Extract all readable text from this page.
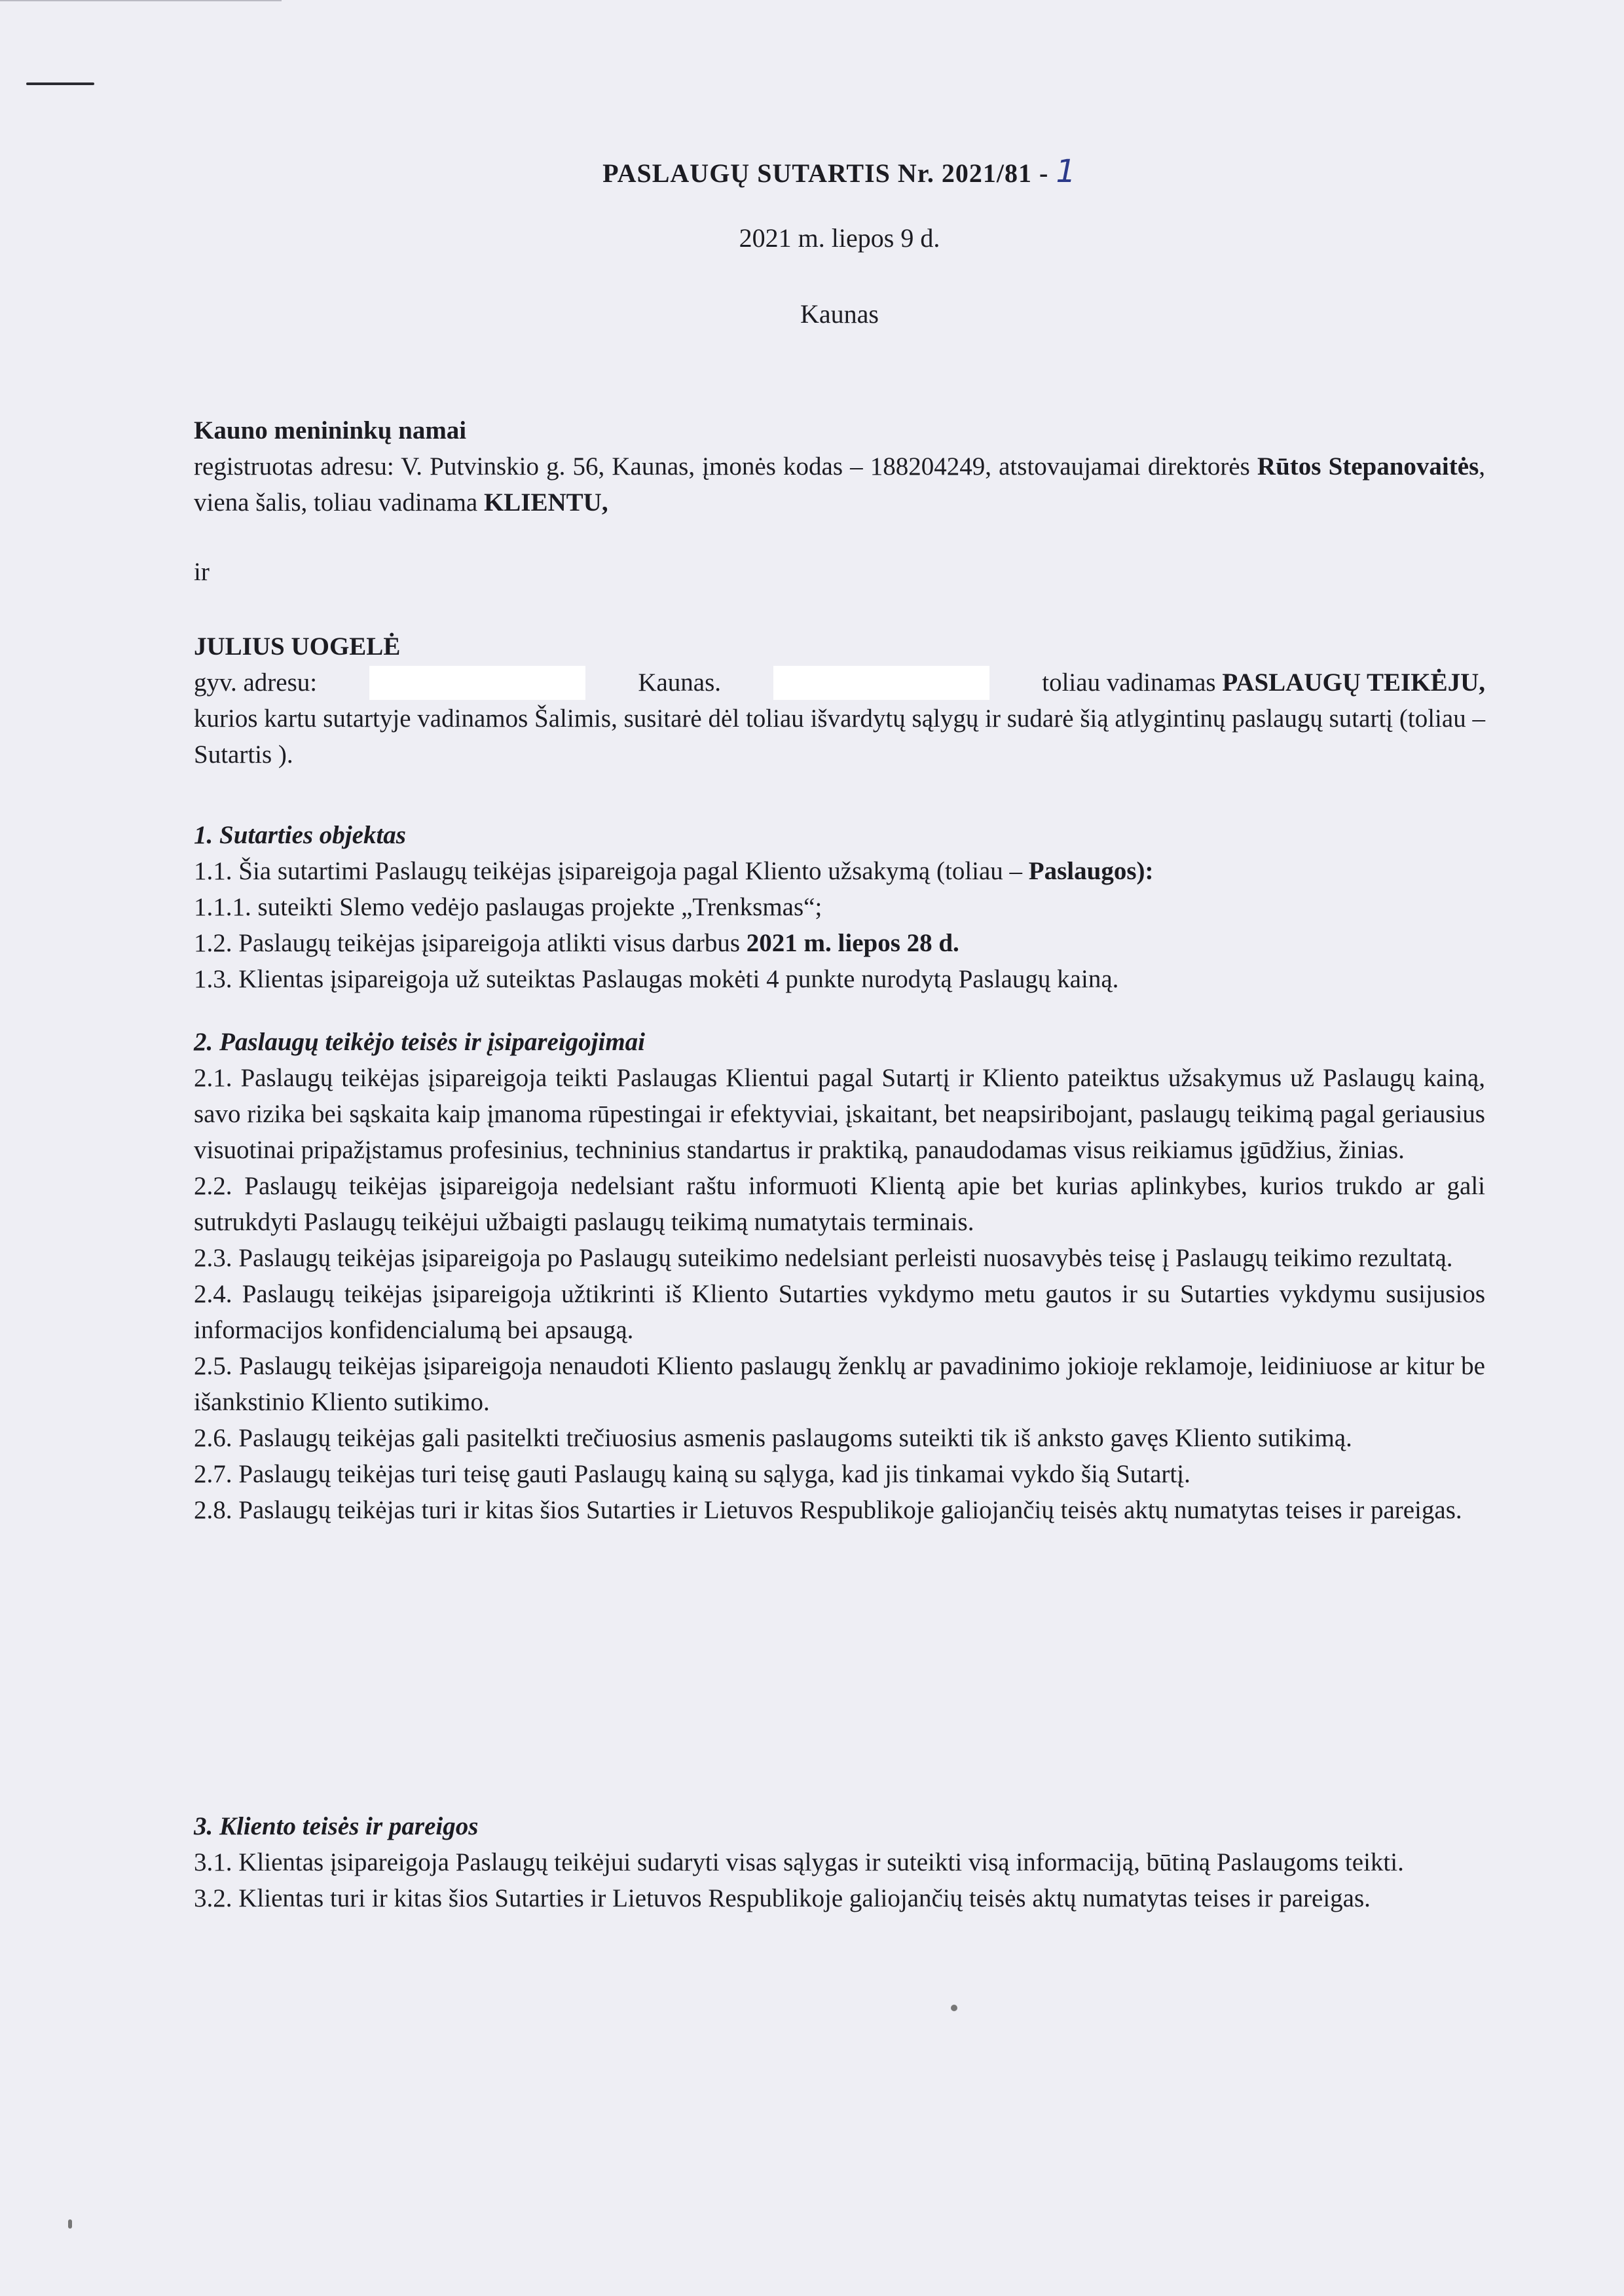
PASLAUGŲ SUTARTIS Nr. 2021/81 - 1
2021 m. liepos 9 d.
Kaunas

Kauno menininkų namai

registruotas adresu: V. Putvinskio g. 56, Kaunas, įmonės kodas – 188204249, atstovaujamai direktorės Rūtos Stepanovaitės, viena šalis, toliau vadinama KLIENTU,

ir

JULIUS UOGELĖ

gyv. adresu:	Kaunas.	toliau vadinamas PASLAUGŲ TEIKĖJU,

kurios kartu sutartyje vadinamos Šalimis, susitarė dėl toliau išvardytų sąlygų ir sudarė šią atlygintinų paslaugų sutartį (toliau – Sutartis ).

1. Sutarties objektas

1.1. Šia sutartimi Paslaugų teikėjas įsipareigoja pagal Kliento užsakymą (toliau – Paslaugos):

1.1.1. suteikti Slemo vedėjo paslaugas projekte „Trenksmas“;

1.2. Paslaugų teikėjas įsipareigoja atlikti visus darbus 2021 m. liepos 28 d.

1.3. Klientas įsipareigoja už suteiktas Paslaugas mokėti 4 punkte nurodytą Paslaugų kainą.

2. Paslaugų teikėjo teisės ir įsipareigojimai

2.1. Paslaugų teikėjas įsipareigoja teikti Paslaugas Klientui pagal Sutartį ir Kliento pateiktus užsakymus už Paslaugų kainą, savo rizika bei sąskaita kaip įmanoma rūpestingai ir efektyviai, įskaitant, bet neapsiribojant, paslaugų teikimą pagal geriausius visuotinai pripažįstamus profesinius, techninius standartus ir praktiką, panaudodamas visus reikiamus įgūdžius, žinias.

2.2. Paslaugų teikėjas įsipareigoja nedelsiant raštu informuoti Klientą apie bet kurias aplinkybes, kurios trukdo ar gali sutrukdyti Paslaugų teikėjui užbaigti paslaugų teikimą numatytais terminais.

2.3. Paslaugų teikėjas įsipareigoja po Paslaugų suteikimo nedelsiant perleisti nuosavybės teisę į Paslaugų teikimo rezultatą.

2.4. Paslaugų teikėjas įsipareigoja užtikrinti iš Kliento Sutarties vykdymo metu gautos ir su Sutarties vykdymu susijusios informacijos konfidencialumą bei apsaugą.

2.5. Paslaugų teikėjas įsipareigoja nenaudoti Kliento paslaugų ženklų ar pavadinimo jokioje reklamoje, leidiniuose ar kitur be išankstinio Kliento sutikimo.

2.6. Paslaugų teikėjas gali pasitelkti trečiuosius asmenis paslaugoms suteikti tik iš anksto gavęs Kliento sutikimą.

2.7. Paslaugų teikėjas turi teisę gauti Paslaugų kainą su sąlyga, kad jis tinkamai vykdo šią Sutartį.

2.8. Paslaugų teikėjas turi ir kitas šios Sutarties ir Lietuvos Respublikoje galiojančių teisės aktų numatytas teises ir pareigas.

3. Kliento teisės ir pareigos

3.1. Klientas įsipareigoja Paslaugų teikėjui sudaryti visas sąlygas ir suteikti visą informaciją, būtiną Paslaugoms teikti.

3.2. Klientas turi ir kitas šios Sutarties ir Lietuvos Respublikoje galiojančių teisės aktų numatytas teises ir pareigas.
